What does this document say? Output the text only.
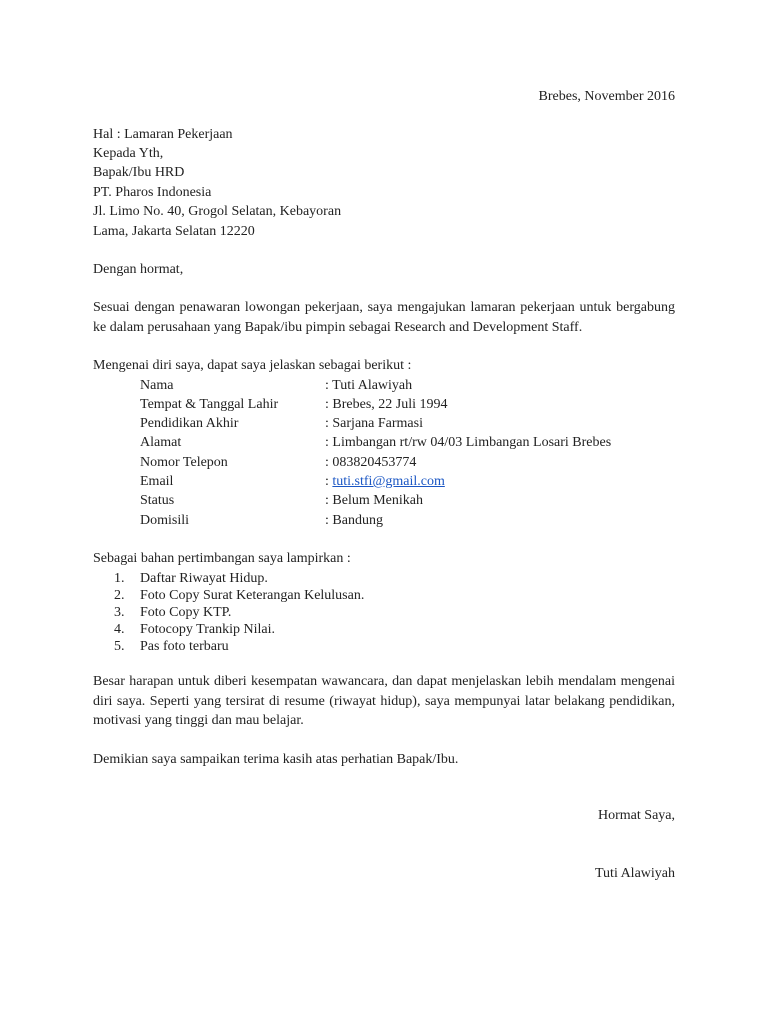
Brebes, November 2016
Hal : Lamaran Pekerjaan
Kepada Yth,
Bapak/Ibu HRD
PT. Pharos Indonesia
Jl. Limo No. 40, Grogol Selatan, Kebayoran
Lama, Jakarta Selatan 12220
Dengan hormat,

Sesuai dengan penawaran lowongan pekerjaan, saya mengajukan lamaran pekerjaan untuk bergabung ke dalam perusahaan yang Bapak/ibu pimpin sebagai Research and Development Staff.

Mengenai diri saya, dapat saya jelaskan sebagai berikut :
Nama	: Tuti Alawiyah
Tempat & Tanggal Lahir	: Brebes, 22 Juli 1994
Pendidikan Akhir	: Sarjana Farmasi
Alamat	: Limbangan rt/rw 04/03 Limbangan Losari Brebes
Nomor Telepon	: 083820453774
Email	: tuti.stfi@gmail.com
Status	: Belum Menikah
Domisili	: Bandung
Sebagai bahan pertimbangan saya lampirkan :
1. Daftar Riwayat Hidup.
2. Foto Copy Surat Keterangan Kelulusan.
3. Foto Copy KTP.
4. Fotocopy Trankip Nilai.
5. Pas foto terbaru

Besar harapan untuk diberi kesempatan wawancara, dan dapat menjelaskan lebih mendalam mengenai diri saya. Seperti yang tersirat di resume (riwayat hidup), saya mempunyai latar belakang pendidikan, motivasi yang tinggi dan mau belajar.

Demikian saya sampaikan terima kasih atas perhatian Bapak/Ibu.
Hormat Saya,
Tuti Alawiyah
